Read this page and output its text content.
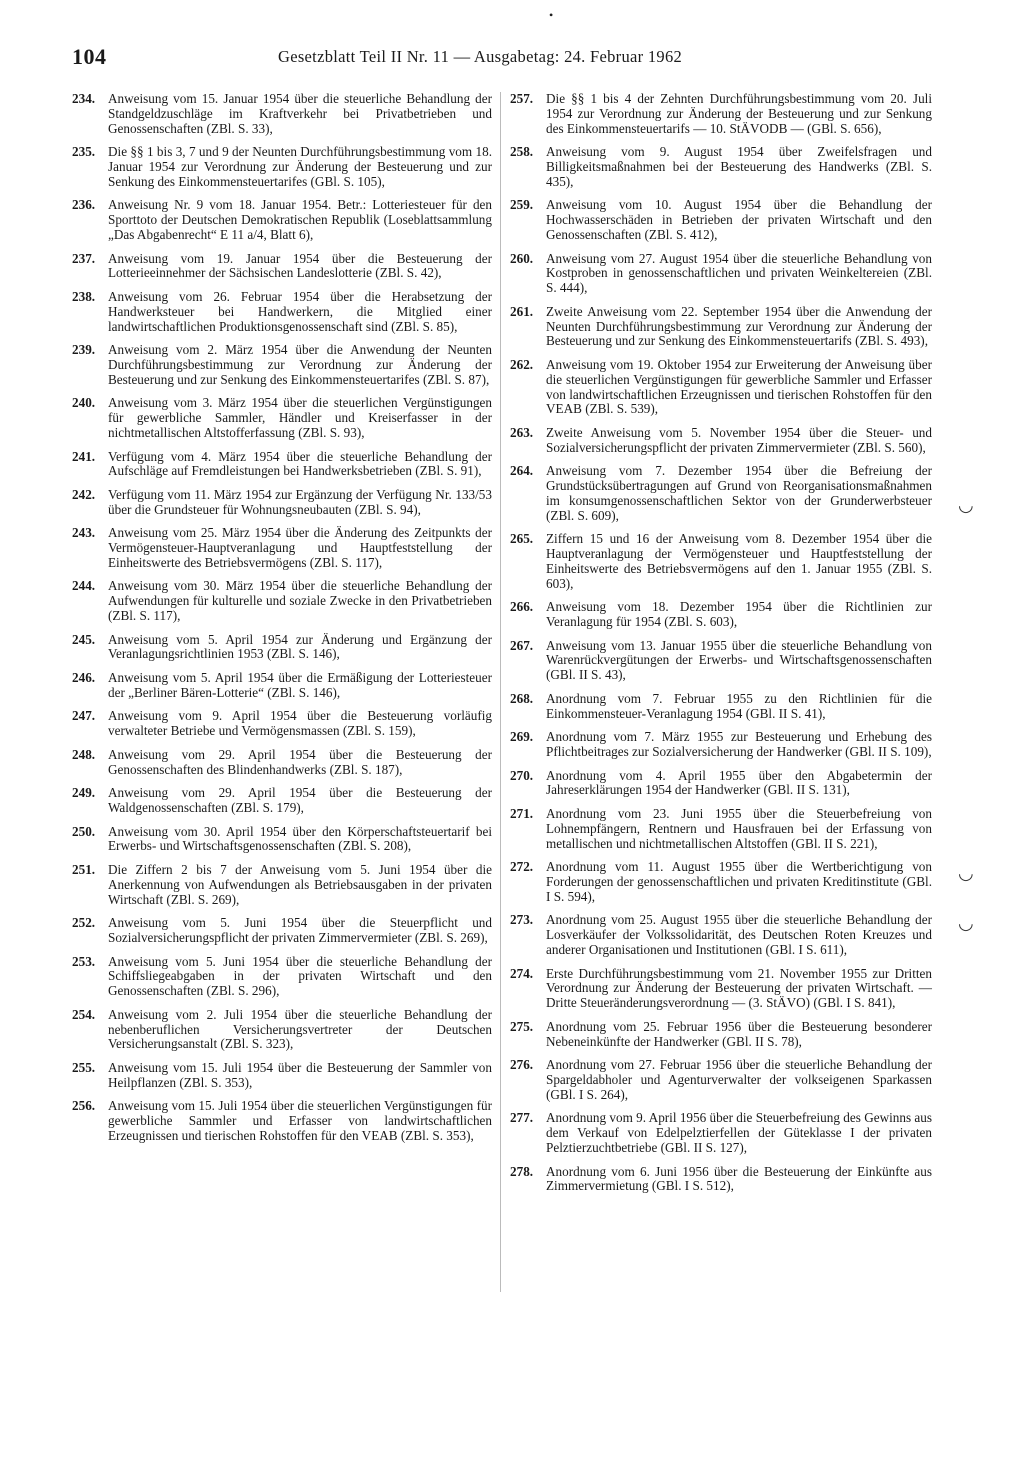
•
104	Gesetzblatt Teil II Nr. 11 — Ausgabetag: 24. Februar 1962
234. Anweisung vom 15. Januar 1954 über die steuerliche Behandlung der Standgeldzuschläge im Kraftverkehr bei Privatbetrieben und Genossenschaften (ZBl. S. 33),
235. Die §§ 1 bis 3, 7 und 9 der Neunten Durchführungsbestimmung vom 18. Januar 1954 zur Verordnung zur Änderung der Besteuerung und zur Senkung des Einkommensteuertarifes (GBl. S. 105),
236. Anweisung Nr. 9 vom 18. Januar 1954. Betr.: Lotteriesteuer für den Sporttoto der Deutschen Demokratischen Republik (Loseblattsammlung „Das Abgabenrecht“ E 11 a/4, Blatt 6),
237. Anweisung vom 19. Januar 1954 über die Besteuerung der Lotterieeinnehmer der Sächsischen Landeslotterie (ZBl. S. 42),
238. Anweisung vom 26. Februar 1954 über die Herabsetzung der Handwerksteuer bei Handwerkern, die Mitglied einer landwirtschaftlichen Produktionsgenossenschaft sind (ZBl. S. 85),
239. Anweisung vom 2. März 1954 über die Anwendung der Neunten Durchführungsbestimmung zur Verordnung zur Änderung der Besteuerung und zur Senkung des Einkommensteuertarifes (ZBl. S. 87),
240. Anweisung vom 3. März 1954 über die steuerlichen Vergünstigungen für gewerbliche Sammler, Händler und Kreiserfasser in der nichtmetallischen Altstofferfassung (ZBl. S. 93),
241. Verfügung vom 4. März 1954 über die steuerliche Behandlung der Aufschläge auf Fremdleistungen bei Handwerksbetrieben (ZBl. S. 91),
242. Verfügung vom 11. März 1954 zur Ergänzung der Verfügung Nr. 133/53 über die Grundsteuer für Wohnungsneubauten (ZBl. S. 94),
243. Anweisung vom 25. März 1954 über die Änderung des Zeitpunkts der Vermögensteuer-Hauptveranlagung und Hauptfeststellung der Einheitswerte des Betriebsvermögens (ZBl. S. 117),
244. Anweisung vom 30. März 1954 über die steuerliche Behandlung der Aufwendungen für kulturelle und soziale Zwecke in den Privatbetrieben (ZBl. S. 117),
245. Anweisung vom 5. April 1954 zur Änderung und Ergänzung der Veranlagungsrichtlinien 1953 (ZBl. S. 146),
246. Anweisung vom 5. April 1954 über die Ermäßigung der Lotteriesteuer der „Berliner Bären-Lotterie“ (ZBl. S. 146),
247. Anweisung vom 9. April 1954 über die Besteuerung vorläufig verwalteter Betriebe und Vermögensmassen (ZBl. S. 159),
248. Anweisung vom 29. April 1954 über die Besteuerung der Genossenschaften des Blindenhandwerks (ZBl. S. 187),
249. Anweisung vom 29. April 1954 über die Besteuerung der Waldgenossenschaften (ZBl. S. 179),
250. Anweisung vom 30. April 1954 über den Körperschaftsteuertarif bei Erwerbs- und Wirtschaftsgenossenschaften (ZBl. S. 208),
251. Die Ziffern 2 bis 7 der Anweisung vom 5. Juni 1954 über die Anerkennung von Aufwendungen als Betriebsausgaben in der privaten Wirtschaft (ZBl. S. 269),
252. Anweisung vom 5. Juni 1954 über die Steuerpflicht und Sozialversicherungspflicht der privaten Zimmervermieter (ZBl. S. 269),
253. Anweisung vom 5. Juni 1954 über die steuerliche Behandlung der Schiffsliegeabgaben in der privaten Wirtschaft und den Genossenschaften (ZBl. S. 296),
254. Anweisung vom 2. Juli 1954 über die steuerliche Behandlung der nebenberuflichen Versicherungsvertreter der Deutschen Versicherungsanstalt (ZBl. S. 323),
255. Anweisung vom 15. Juli 1954 über die Besteuerung der Sammler von Heilpflanzen (ZBl. S. 353),
256. Anweisung vom 15. Juli 1954 über die steuerlichen Vergünstigungen für gewerbliche Sammler und Erfasser von landwirtschaftlichen Erzeugnissen und tierischen Rohstoffen für den VEAB (ZBl. S. 353),
257. Die §§ 1 bis 4 der Zehnten Durchführungsbestimmung vom 20. Juli 1954 zur Verordnung zur Änderung der Besteuerung und zur Senkung des Einkommensteuertarifs — 10. StÄVODB — (GBl. S. 656),
258. Anweisung vom 9. August 1954 über Zweifelsfragen und Billigkeitsmaßnahmen bei der Besteuerung des Handwerks (ZBl. S. 435),
259. Anweisung vom 10. August 1954 über die Behandlung der Hochwasserschäden in Betrieben der privaten Wirtschaft und den Genossenschaften (ZBl. S. 412),
260. Anweisung vom 27. August 1954 über die steuerliche Behandlung von Kostproben in genossenschaftlichen und privaten Weinkeltereien (ZBl. S. 444),
261. Zweite Anweisung vom 22. September 1954 über die Anwendung der Neunten Durchführungsbestimmung zur Verordnung zur Änderung der Besteuerung und zur Senkung des Einkommensteuertarifs (ZBl. S. 493),
262. Anweisung vom 19. Oktober 1954 zur Erweiterung der Anweisung über die steuerlichen Vergünstigungen für gewerbliche Sammler und Erfasser von landwirtschaftlichen Erzeugnissen und tierischen Rohstoffen für den VEAB (ZBl. S. 539),
263. Zweite Anweisung vom 5. November 1954 über die Steuer- und Sozialversicherungspflicht der privaten Zimmervermieter (ZBl. S. 560),
264. Anweisung vom 7. Dezember 1954 über die Befreiung der Grundstücksübertragungen auf Grund von Reorganisationsmaßnahmen im konsumgenossenschaftlichen Sektor von der Grunderwerbsteuer (ZBl. S. 609),
265. Ziffern 15 und 16 der Anweisung vom 8. Dezember 1954 über die Hauptveranlagung der Vermögensteuer und Hauptfeststellung der Einheitswerte des Betriebsvermögens auf den 1. Januar 1955 (ZBl. S. 603),
266. Anweisung vom 18. Dezember 1954 über die Richtlinien zur Veranlagung für 1954 (ZBl. S. 603),
267. Anweisung vom 13. Januar 1955 über die steuerliche Behandlung von Warenrückvergütungen der Erwerbs- und Wirtschaftsgenossenschaften (GBl. II S. 43),
268. Anordnung vom 7. Februar 1955 zu den Richtlinien für die Einkommensteuer-Veranlagung 1954 (GBl. II S. 41),
269. Anordnung vom 7. März 1955 zur Besteuerung und Erhebung des Pflichtbeitrages zur Sozialversicherung der Handwerker (GBl. II S. 109),
270. Anordnung vom 4. April 1955 über den Abgabetermin der Jahreserklärungen 1954 der Handwerker (GBl. II S. 131),
271. Anordnung vom 23. Juni 1955 über die Steuerbefreiung von Lohnempfängern, Rentnern und Hausfrauen bei der Erfassung von metallischen und nichtmetallischen Altstoffen (GBl. II S. 221),
272. Anordnung vom 11. August 1955 über die Wertberichtigung von Forderungen der genossenschaftlichen und privaten Kreditinstitute (GBl. I S. 594),
273. Anordnung vom 25. August 1955 über die steuerliche Behandlung der Losverkäufer der Volkssolidarität, des Deutschen Roten Kreuzes und anderer Organisationen und Institutionen (GBl. I S. 611),
274. Erste Durchführungsbestimmung vom 21. November 1955 zur Dritten Verordnung zur Änderung der Besteuerung der privaten Wirtschaft. — Dritte Steueränderungsverordnung — (3. StÄVO) (GBl. I S. 841),
275. Anordnung vom 25. Februar 1956 über die Besteuerung besonderer Nebeneinkünfte der Handwerker (GBl. II S. 78),
276. Anordnung vom 27. Februar 1956 über die steuerliche Behandlung der Spargeldabholer und Agenturverwalter der volkseigenen Sparkassen (GBl. I S. 264),
277. Anordnung vom 9. April 1956 über die Steuerbefreiung des Gewinns aus dem Verkauf von Edelpelztierfellen der Güteklasse I der privaten Pelztierzuchtbetriebe (GBl. II S. 127),
278. Anordnung vom 6. Juni 1956 über die Besteuerung der Einkünfte aus Zimmervermietung (GBl. I S. 512),
◡
◡
◡
